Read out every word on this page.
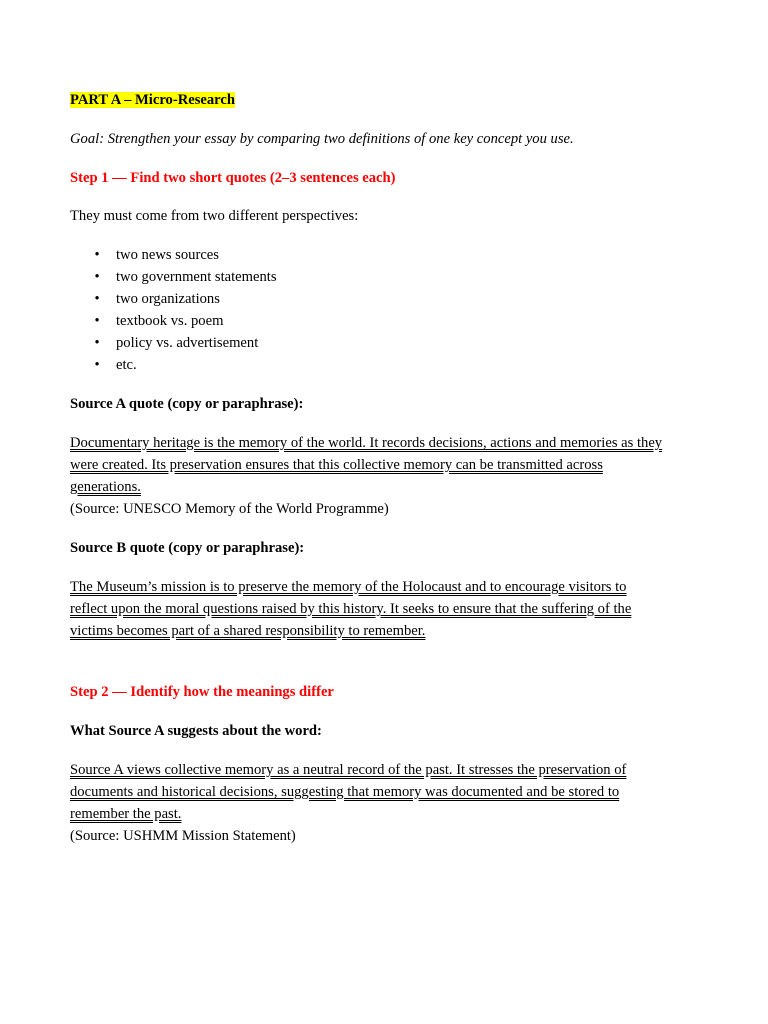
PART A – Micro-Research
Goal: Strengthen your essay by comparing two definitions of one key concept you use.
Step 1 — Find two short quotes (2–3 sentences each)
They must come from two different perspectives:
• two news sources
• two government statements
• two organizations
• textbook vs. poem
• policy vs. advertisement
• etc.
Source A quote (copy or paraphrase):
Documentary heritage is the memory of the world. It records decisions, actions and memories as they
were created. Its preservation ensures that this collective memory can be transmitted across
generations.
(Source: UNESCO Memory of the World Programme)
Source B quote (copy or paraphrase):
The Museum’s mission is to preserve the memory of the Holocaust and to encourage visitors to
reflect upon the moral questions raised by this history. It seeks to ensure that the suffering of the
victims becomes part of a shared responsibility to remember.
Step 2 — Identify how the meanings differ
What Source A suggests about the word:
Source A views collective memory as a neutral record of the past. It stresses the preservation of
documents and historical decisions, suggesting that memory was documented and be stored to
remember the past.
(Source: USHMM Mission Statement)
